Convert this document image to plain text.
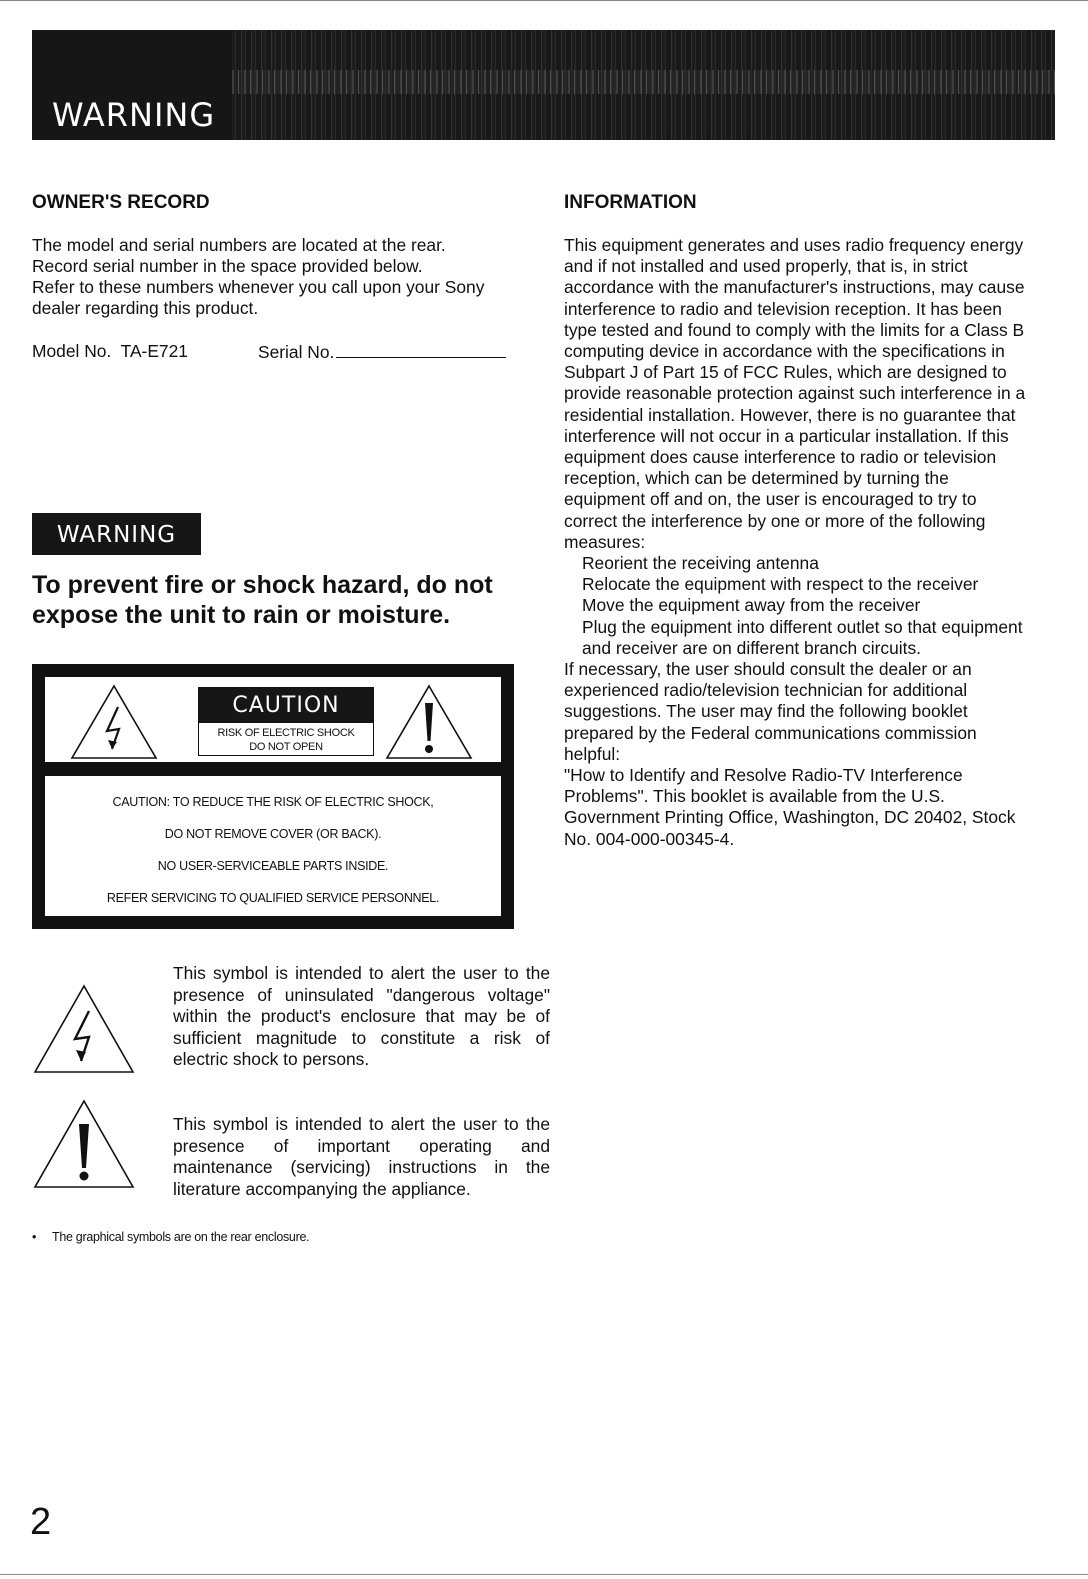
WARNING
OWNER'S RECORD

The model and serial numbers are located at the rear.

Record serial number in the space provided below.

Refer to these numbers whenever you call upon your Sony

dealer regarding this product.

Model No.  TA-E721	Serial No.
WARNING

To prevent fire or shock hazard, do not
expose the unit to rain or moisture.

CAUTION
RISK OF ELECTRIC SHOCK
DO NOT OPEN
CAUTION: TO REDUCE THE RISK OF ELECTRIC SHOCK,
DO NOT REMOVE COVER (OR BACK).
NO USER-SERVICEABLE PARTS INSIDE.
REFER SERVICING TO QUALIFIED SERVICE PERSONNEL.
This symbol is intended to alert the user to the presence of uninsulated "dangerous voltage" within the product's enclosure that may be of sufficient magnitude to constitute a risk of electric shock to persons.
This symbol is intended to alert the user to the presence of important operating and maintenance (servicing) instructions in the literature accompanying the appliance.
• The graphical symbols are on the rear enclosure.
INFORMATION

This equipment generates and uses radio frequency energy

and if not installed and used properly, that is, in strict

accordance with the manufacturer's instructions, may cause

interference to radio and television reception. It has been

type tested and found to comply with the limits for a Class B

computing device in accordance with the specifications in

Subpart J of Part 15 of FCC Rules, which are designed to

provide reasonable protection against such interference in a

residential installation. However, there is no guarantee that

interference will not occur in a particular installation. If this

equipment does cause interference to radio or television

reception, which can be determined by turning the

equipment off and on, the user is encouraged to try to

correct the interference by one or more of the following

measures:

Reorient the receiving antenna

Relocate the equipment with respect to the receiver

Move the equipment away from the receiver

Plug the equipment into different outlet so that equipment

and receiver are on different branch circuits.

If necessary, the user should consult the dealer or an

experienced radio/television technician for additional

suggestions. The user may find the following booklet

prepared by the Federal communications commission

helpful:

"How to Identify and Resolve Radio-TV Interference

Problems". This booklet is available from the U.S.

Government Printing Office, Washington, DC 20402, Stock

No. 004-000-00345-4.

2
